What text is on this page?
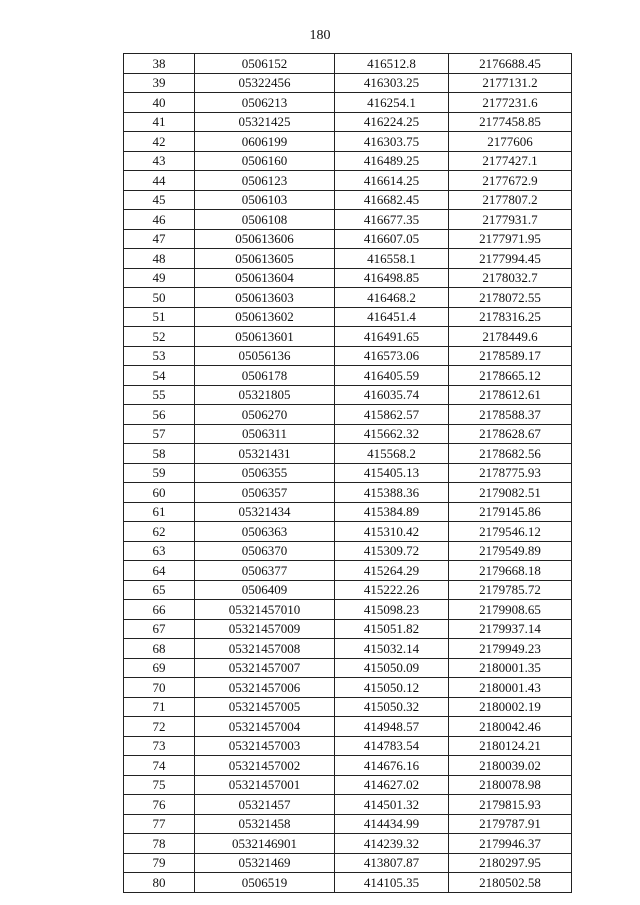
180
38	0506152	416512.8	2176688.45
39	05322456	416303.25	2177131.2
40	0506213	416254.1	2177231.6
41	05321425	416224.25	2177458.85
42	0606199	416303.75	2177606
43	0506160	416489.25	2177427.1
44	0506123	416614.25	2177672.9
45	0506103	416682.45	2177807.2
46	0506108	416677.35	2177931.7
47	050613606	416607.05	2177971.95
48	050613605	416558.1	2177994.45
49	050613604	416498.85	2178032.7
50	050613603	416468.2	2178072.55
51	050613602	416451.4	2178316.25
52	050613601	416491.65	2178449.6
53	05056136	416573.06	2178589.17
54	0506178	416405.59	2178665.12
55	05321805	416035.74	2178612.61
56	0506270	415862.57	2178588.37
57	0506311	415662.32	2178628.67
58	05321431	415568.2	2178682.56
59	0506355	415405.13	2178775.93
60	0506357	415388.36	2179082.51
61	05321434	415384.89	2179145.86
62	0506363	415310.42	2179546.12
63	0506370	415309.72	2179549.89
64	0506377	415264.29	2179668.18
65	0506409	415222.26	2179785.72
66	05321457010	415098.23	2179908.65
67	05321457009	415051.82	2179937.14
68	05321457008	415032.14	2179949.23
69	05321457007	415050.09	2180001.35
70	05321457006	415050.12	2180001.43
71	05321457005	415050.32	2180002.19
72	05321457004	414948.57	2180042.46
73	05321457003	414783.54	2180124.21
74	05321457002	414676.16	2180039.02
75	05321457001	414627.02	2180078.98
76	05321457	414501.32	2179815.93
77	05321458	414434.99	2179787.91
78	0532146901	414239.32	2179946.37
79	05321469	413807.87	2180297.95
80	0506519	414105.35	2180502.58
